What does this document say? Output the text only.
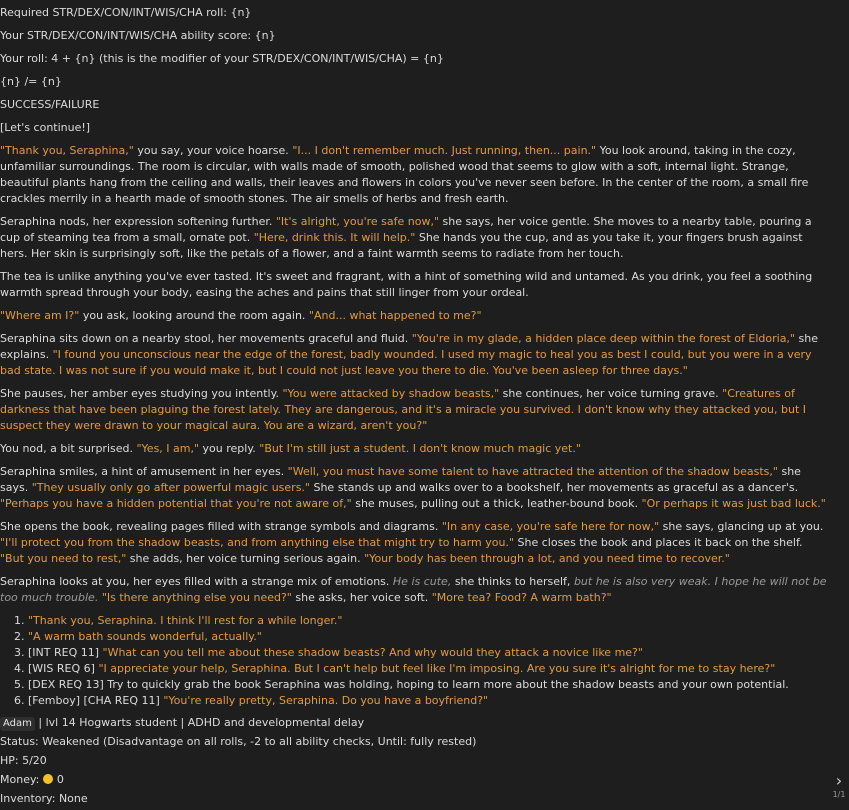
Required STR/DEX/CON/INT/WIS/CHA roll: {n}
Your STR/DEX/CON/INT/WIS/CHA ability score: {n}
Your roll: 4 + {n} (this is the modifier of your STR/DEX/CON/INT/WIS/CHA) = {n}
{n} /= {n}
SUCCESS/FAILURE
[Let's continue!]
"Thank you, Seraphina," you say, your voice hoarse. "I... I don't remember much. Just running, then... pain." You look around, taking in the cozy, unfamiliar surroundings. The room is circular, with walls made of smooth, polished wood that seems to glow with a soft, internal light. Strange, beautiful plants hang from the ceiling and walls, their leaves and flowers in colors you've never seen before. In the center of the room, a small fire crackles merrily in a hearth made of smooth stones. The air smells of herbs and fresh earth.
Seraphina nods, her expression softening further. "It's alright, you're safe now," she says, her voice gentle. She moves to a nearby table, pouring a cup of steaming tea from a small, ornate pot. "Here, drink this. It will help." She hands you the cup, and as you take it, your fingers brush against hers. Her skin is surprisingly soft, like the petals of a flower, and a faint warmth seems to radiate from her touch.
The tea is unlike anything you've ever tasted. It's sweet and fragrant, with a hint of something wild and untamed. As you drink, you feel a soothing warmth spread through your body, easing the aches and pains that still linger from your ordeal.
"Where am I?" you ask, looking around the room again. "And... what happened to me?"
Seraphina sits down on a nearby stool, her movements graceful and fluid. "You're in my glade, a hidden place deep within the forest of Eldoria," she explains. "I found you unconscious near the edge of the forest, badly wounded. I used my magic to heal you as best I could, but you were in a very bad state. I was not sure if you would make it, but I could not just leave you there to die. You've been asleep for three days."
She pauses, her amber eyes studying you intently. "You were attacked by shadow beasts," she continues, her voice turning grave. "Creatures of darkness that have been plaguing the forest lately. They are dangerous, and it's a miracle you survived. I don't know why they attacked you, but I suspect they were drawn to your magical aura. You are a wizard, aren't you?"
You nod, a bit surprised. "Yes, I am," you reply. "But I'm still just a student. I don't know much magic yet."
Seraphina smiles, a hint of amusement in her eyes. "Well, you must have some talent to have attracted the attention of the shadow beasts," she says. "They usually only go after powerful magic users." She stands up and walks over to a bookshelf, her movements as graceful as a dancer's. "Perhaps you have a hidden potential that you're not aware of," she muses, pulling out a thick, leather-bound book. "Or perhaps it was just bad luck."
She opens the book, revealing pages filled with strange symbols and diagrams. "In any case, you're safe here for now," she says, glancing up at you. "I'll protect you from the shadow beasts, and from anything else that might try to harm you." She closes the book and places it back on the shelf. "But you need to rest," she adds, her voice turning serious again. "Your body has been through a lot, and you need time to recover."
Seraphina looks at you, her eyes filled with a strange mix of emotions. He is cute, she thinks to herself, but he is also very weak. I hope he will not be too much trouble. "Is there anything else you need?" she asks, her voice soft. "More tea? Food? A warm bath?"
1. "Thank you, Seraphina. I think I'll rest for a while longer."
2. "A warm bath sounds wonderful, actually."
3. [INT REQ 11] "What can you tell me about these shadow beasts? And why would they attack a novice like me?"
4. [WIS REQ 6] "I appreciate your help, Seraphina. But I can't help but feel like I'm imposing. Are you sure it's alright for me to stay here?"
5. [DEX REQ 13] Try to quickly grab the book Seraphina was holding, hoping to learn more about the shadow beasts and your own potential.
6. [Femboy] [CHA REQ 11] "You're really pretty, Seraphina. Do you have a boyfriend?"
Adam | lvl 14 Hogwarts student | ADHD and developmental delay
Status: Weakened (Disadvantage on all rolls, -2 to all ability checks, Until: fully rested)
HP: 5/20
Money: 0
Inventory: None
›
1/1
